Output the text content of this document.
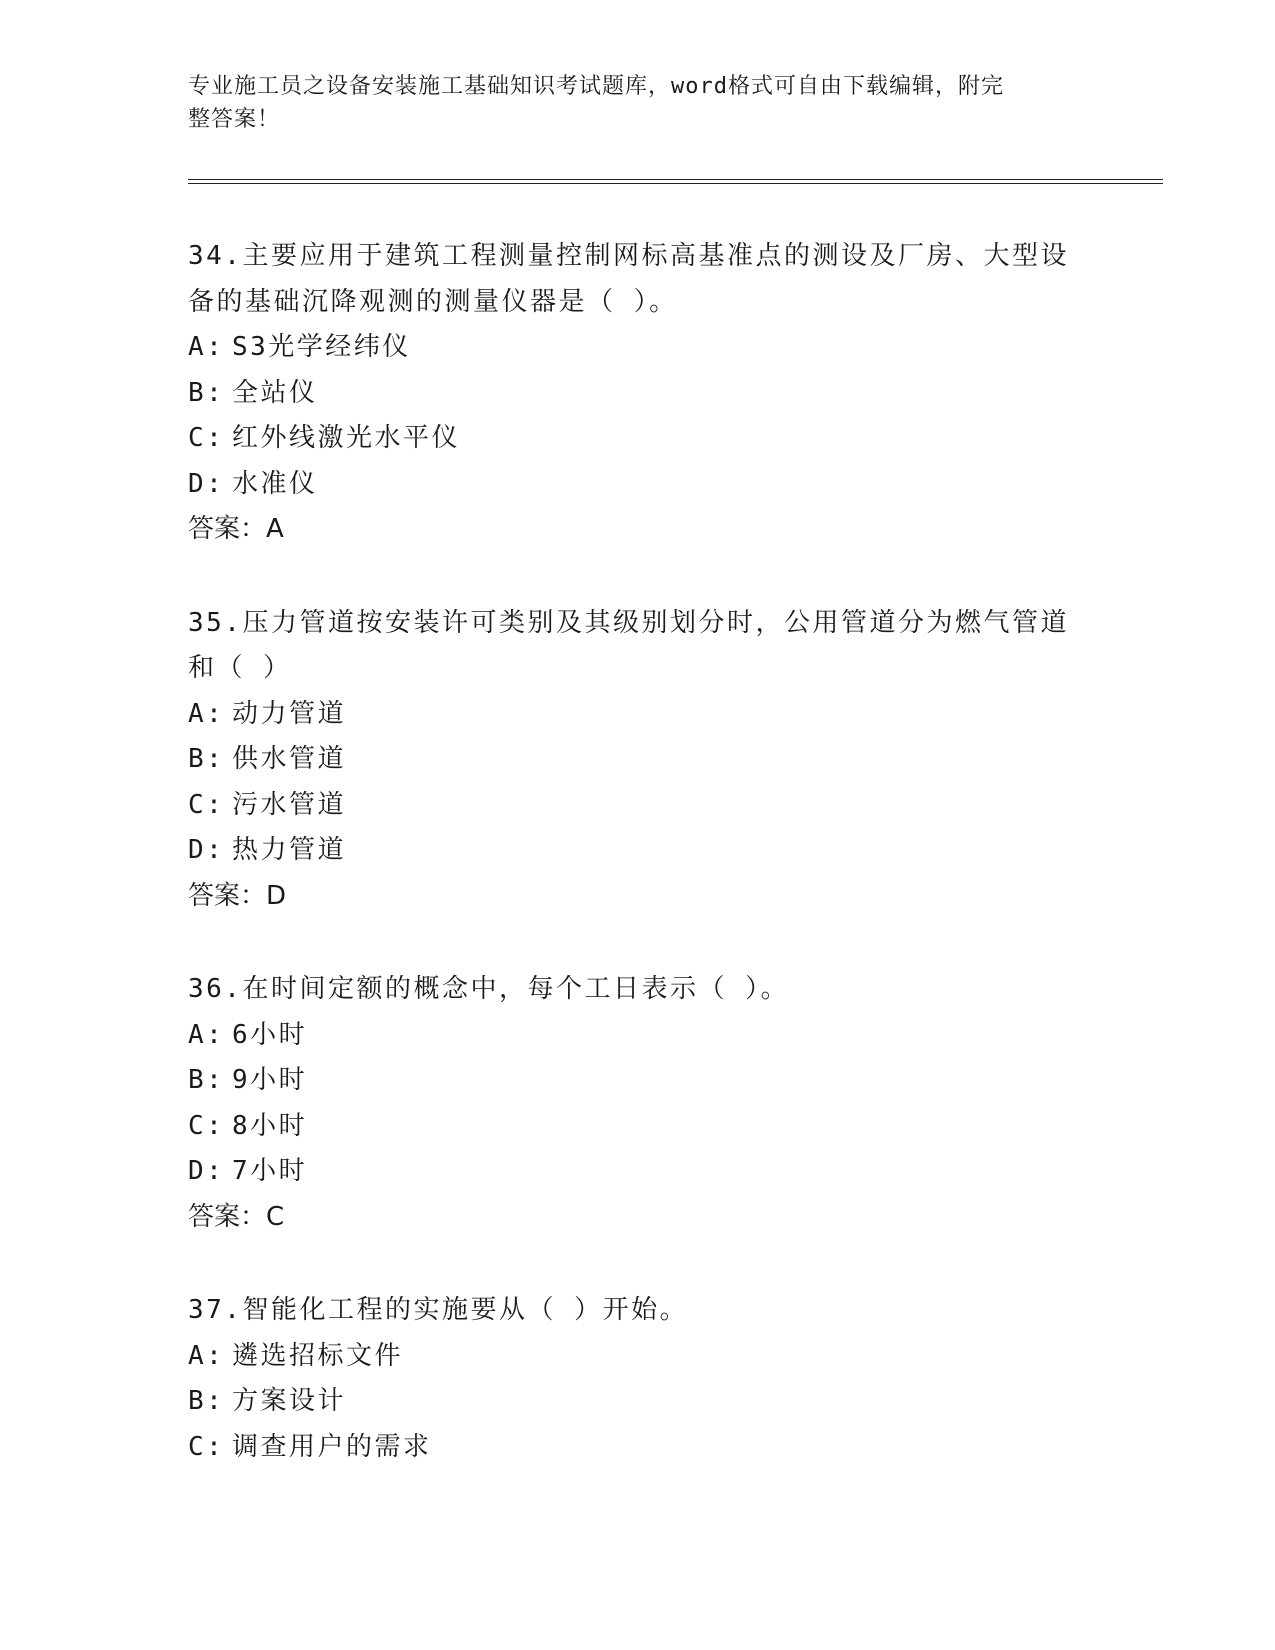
专业施工员之设备安装施工基础知识考试题库，word格式可自由下载编辑，附完
整答案！

34.主要应用于建筑工程测量控制网标高基准点的测设及厂房、大型设

备的基础沉降观测的测量仪器是（ ）。

A: S3光学经纬仪
B: 全站仪
C: 红外线激光水平仪
D: 水准仪

答案：A

35.压力管道按安装许可类别及其级别划分时，公用管道分为燃气管道

和（ ）

A: 动力管道
B: 供水管道
C: 污水管道
D: 热力管道

答案：D

36.在时间定额的概念中，每个工日表示（ ）。

A: 6小时
B: 9小时
C: 8小时
D: 7小时

答案：C

37.智能化工程的实施要从（ ）开始。

A: 遴选招标文件
B: 方案设计
C: 调查用户的需求
